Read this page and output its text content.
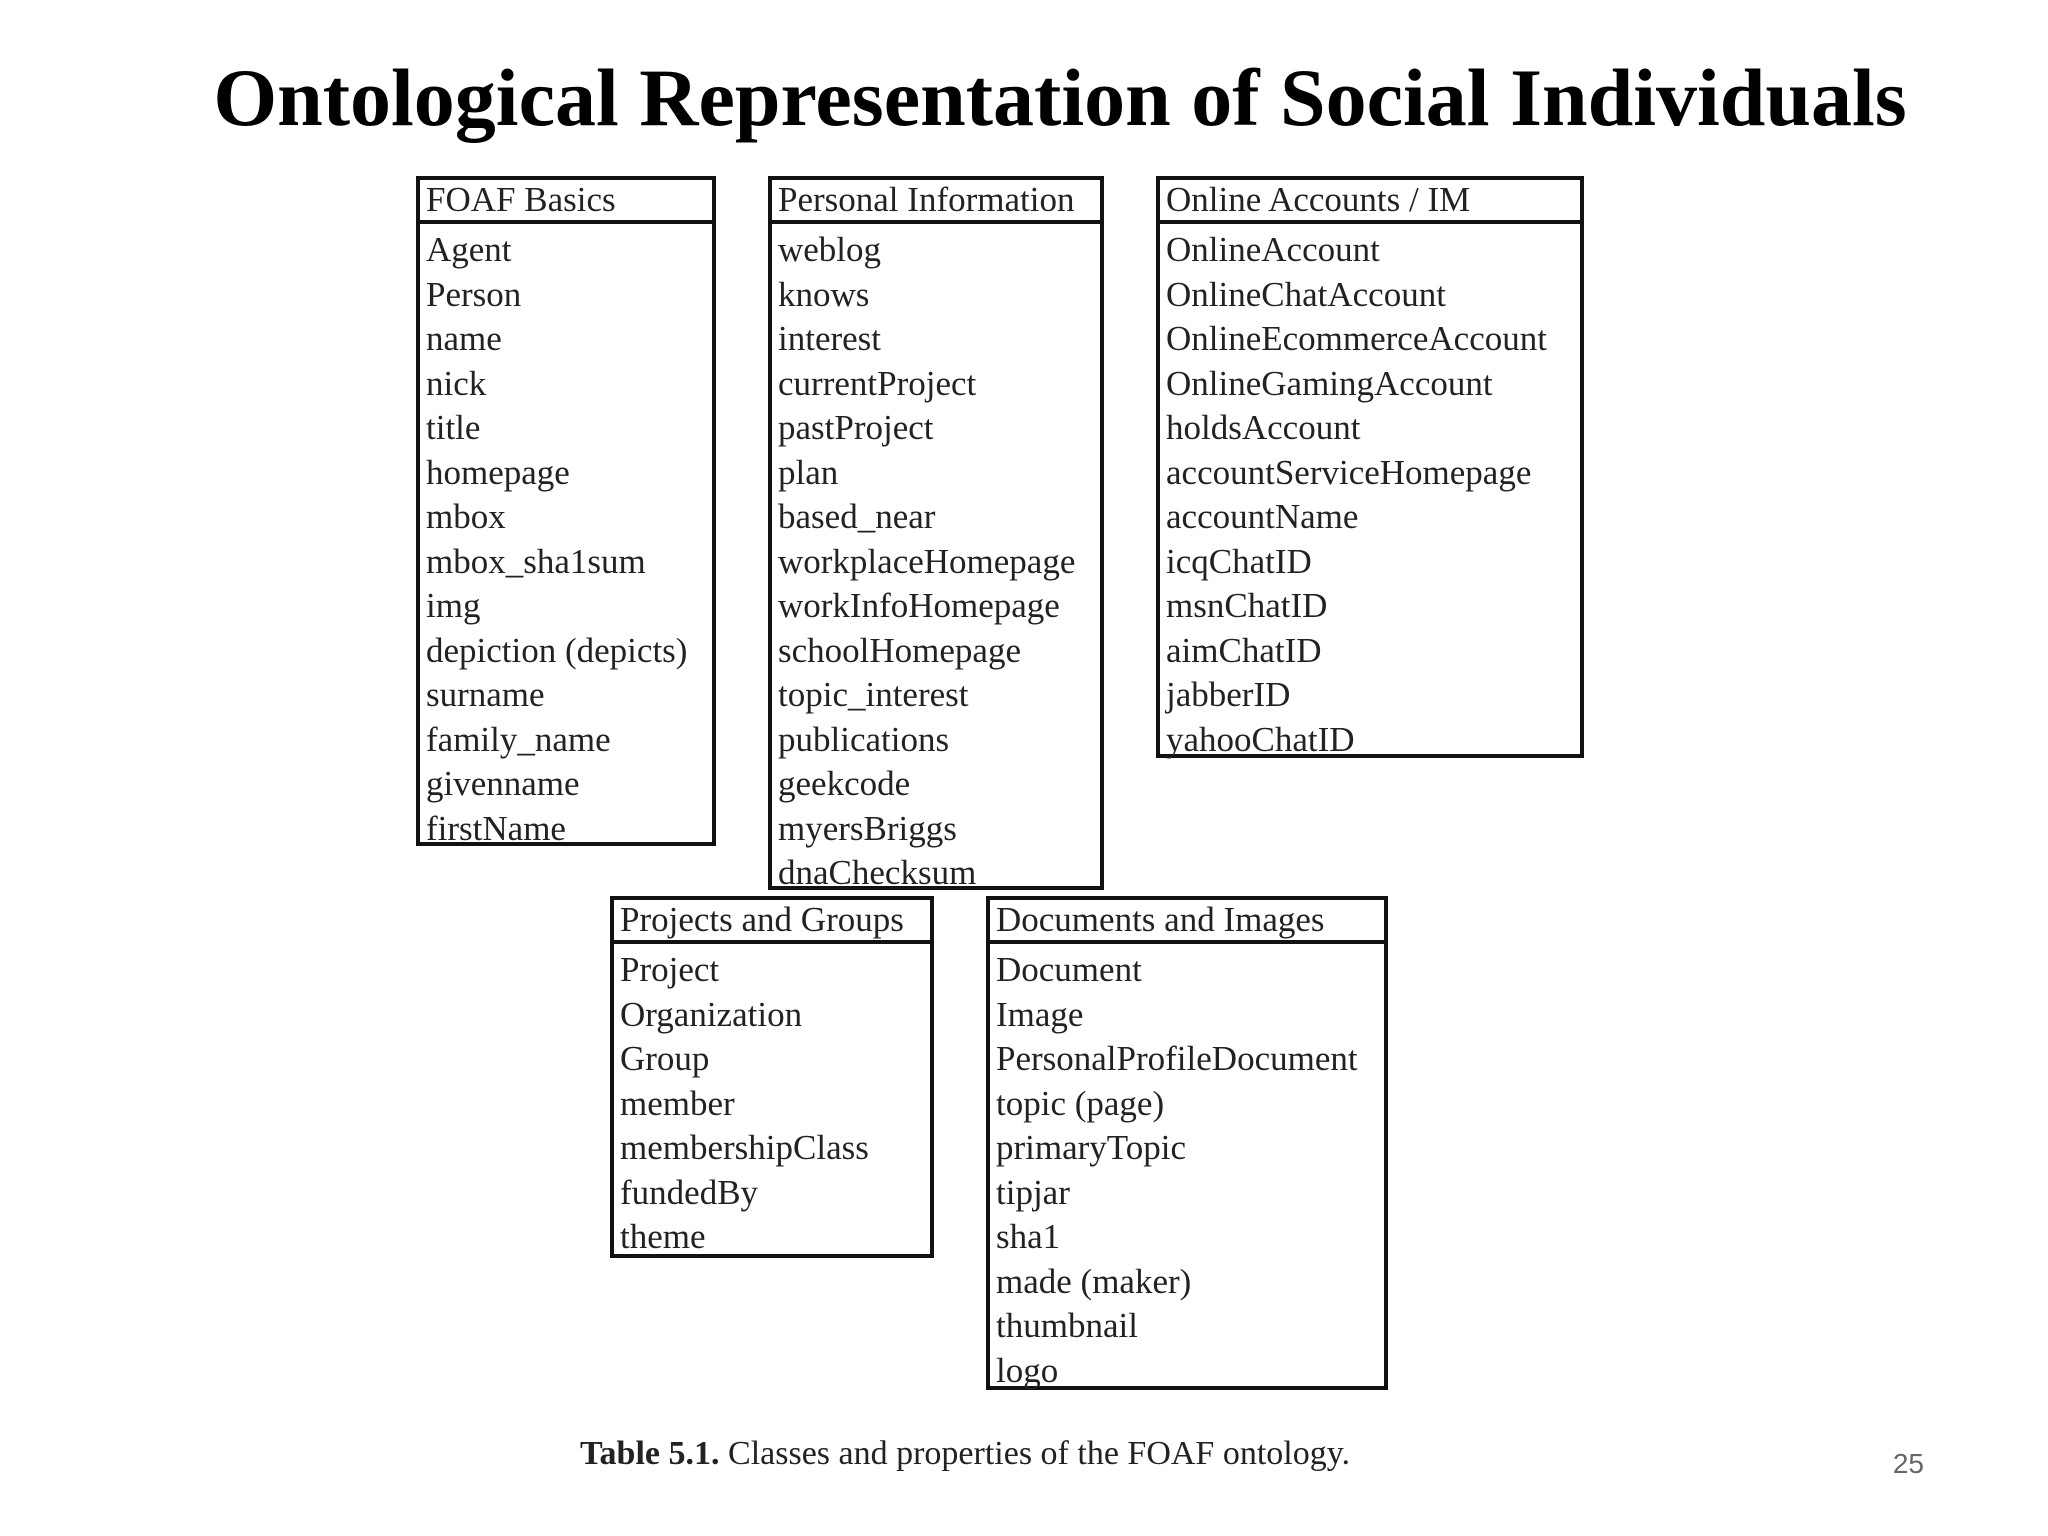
Ontological Representation of Social Individuals
FOAF Basics
Agent
Person
name
nick
title
homepage
mbox
mbox_sha1sum
img
depiction (depicts)
surname
family_name
givenname
firstName
Personal Information
weblog
knows
interest
currentProject
pastProject
plan
based_near
workplaceHomepage
workInfoHomepage
schoolHomepage
topic_interest
publications
geekcode
myersBriggs
dnaChecksum
Online Accounts / IM
OnlineAccount
OnlineChatAccount
OnlineEcommerceAccount
OnlineGamingAccount
holdsAccount
accountServiceHomepage
accountName
icqChatID
msnChatID
aimChatID
jabberID
yahooChatID
Projects and Groups
Project
Organization
Group
member
membershipClass
fundedBy
theme
Documents and Images
Document
Image
PersonalProfileDocument
topic (page)
primaryTopic
tipjar
sha1
made (maker)
thumbnail
logo
Table 5.1. Classes and properties of the FOAF ontology.	25
